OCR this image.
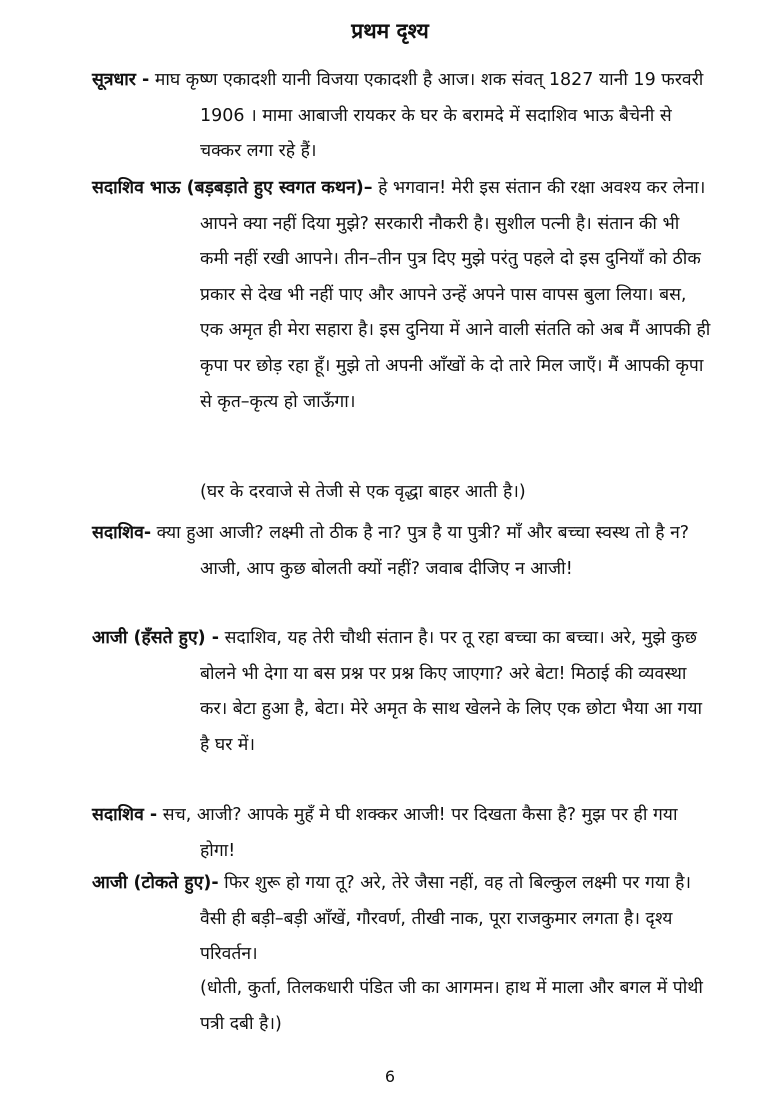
प्रथम दृश्य
सूत्रधार - माघ कृष्ण एकादशी यानी विजया एकादशी है आज। शक संवत् 1827 यानी 19 फरवरी 1906 । मामा आबाजी रायकर के घर के बरामदे में सदाशिव भाऊ बैचेनी से चक्कर लगा रहे हैं।
सदाशिव भाऊ (बड़बड़ाते हुए स्वगत कथन)– हे भगवान! मेरी इस संतान की रक्षा अवश्य कर लेना। आपने क्या नहीं दिया मुझे? सरकारी नौकरी है। सुशील पत्नी है। संतान की भी कमी नहीं रखी आपने। तीन–तीन पुत्र दिए मुझे परंतु पहले दो इस दुनियाँ को ठीक प्रकार से देख भी नहीं पाए और आपने उन्हें अपने पास वापस बुला लिया। बस, एक अमृत ही मेरा सहारा है। इस दुनिया में आने वाली संतति को अब मैं आपकी ही कृपा पर छोड़ रहा हूँ। मुझे तो अपनी आँखों के दो तारे मिल जाएँ। मैं आपकी कृपा से कृत–कृत्य हो जाऊँगा।
(घर के दरवाजे से तेजी से एक वृद्धा बाहर आती है।)
सदाशिव- क्या हुआ आजी? लक्ष्मी तो ठीक है ना? पुत्र है या पुत्री? माँ और बच्चा स्वस्थ तो है न? आजी, आप कुछ बोलती क्यों नहीं? जवाब दीजिए न आजी!
आजी (हँसते हुए) - सदाशिव, यह तेरी चौथी संतान है। पर तू रहा बच्चा का बच्चा। अरे, मुझे कुछ बोलने भी देगा या बस प्रश्न पर प्रश्न किए जाएगा? अरे बेटा! मिठाई की व्यवस्था कर। बेटा हुआ है, बेटा। मेरे अमृत के साथ खेलने के लिए एक छोटा भैया आ गया है घर में।
सदाशिव - सच, आजी? आपके मुहँ मे घी शक्कर आजी! पर दिखता कैसा है? मुझ पर ही गया होगा!
आजी (टोकते हुए)- फिर शुरू हो गया तू? अरे, तेरे जैसा नहीं, वह तो बिल्कुल लक्ष्मी पर गया है। वैसी ही बड़ी–बड़ी आँखें, गौरवर्ण, तीखी नाक, पूरा राजकुमार लगता है। दृश्य परिवर्तन।
(धोती, कुर्ता, तिलकधारी पंडित जी का आगमन। हाथ में माला और बगल में पोथी पत्री दबी है।)
6
